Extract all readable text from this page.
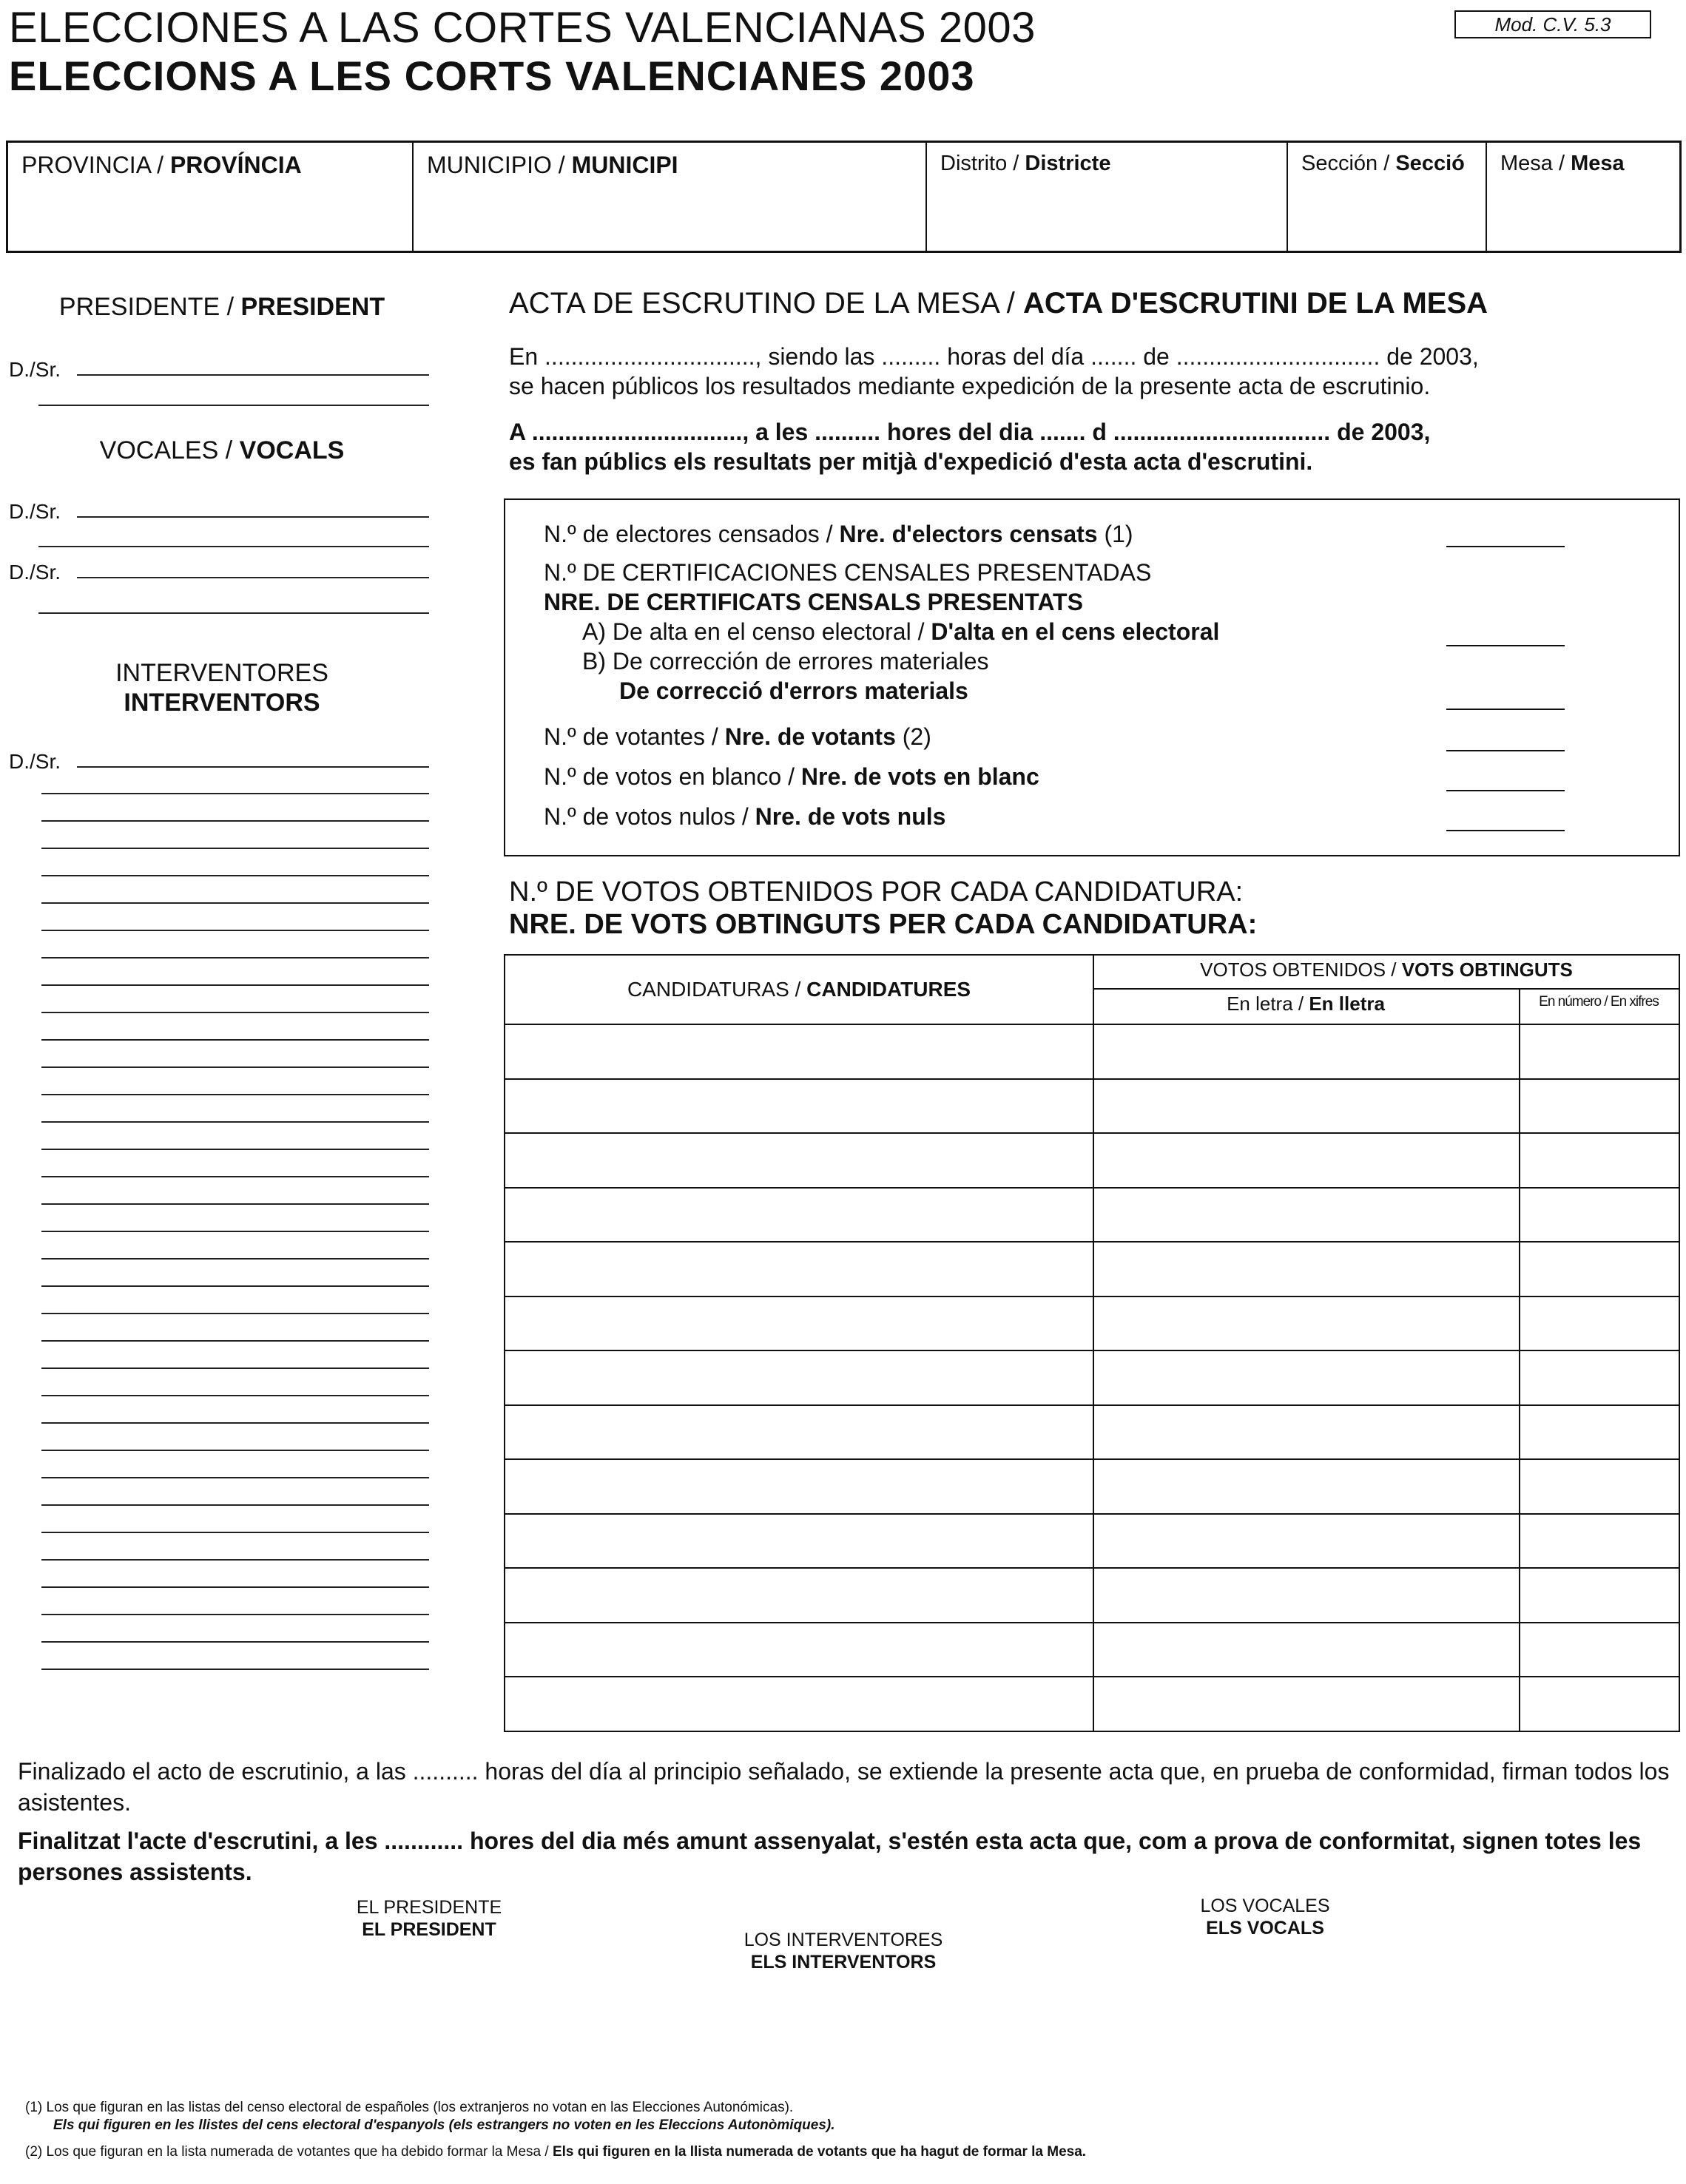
ELECCIONES A LAS CORTES VALENCIANAS 2003
ELECCIONS A LES CORTS VALENCIANES 2003
Mod. C.V. 5.3
PROVINCIA / PROVÍNCIA	MUNICIPIO / MUNICIPI	Distrito / Districte	Sección / Secció	Mesa / Mesa
PRESIDENTE / PRESIDENT
D./Sr.
VOCALES / VOCALS
D./Sr.
D./Sr.
INTERVENTORES
INTERVENTORS
D./Sr.
ACTA DE ESCRUTINO DE LA MESA / ACTA D'ESCRUTINI DE LA MESA
En ................................, siendo las ......... horas del día ....... de ............................... de 2003,
se hacen públicos los resultados mediante expedición de la presente acta de escrutinio.
A ................................, a les .......... hores del dia ....... d ................................. de 2003,
es fan públics els resultats per mitjà d'expedició d'esta acta d'escrutini.
N.º de electores censados / Nre. d'electors censats (1)
N.º DE CERTIFICACIONES CENSALES PRESENTADAS
NRE. DE CERTIFICATS CENSALS PRESENTATS
A) De alta en el censo electoral / D'alta en el cens electoral
B) De corrección de errores materiales
De correcció d'errors materials
N.º de votantes / Nre. de votants (2)
N.º de votos en blanco / Nre. de vots en blanc
N.º de votos nulos / Nre. de vots nuls
N.º DE VOTOS OBTENIDOS POR CADA CANDIDATURA:
NRE. DE VOTS OBTINGUTS PER CADA CANDIDATURA:
CANDIDATURAS / CANDIDATURES
VOTOS OBTENIDOS / VOTS OBTINGUTS
En letra / En lletra	En número / En xifres
Finalizado el acto de escrutinio, a las .......... horas del día al principio señalado, se extiende la presente acta que, en prueba de conformidad, firman todos los asistentes.
Finalitzat l'acte d'escrutini, a les ............ hores del dia més amunt assenyalat, s'estén esta acta que, com a prova de conformitat, signen totes les persones assistents.
EL PRESIDENTE
EL PRESIDENT	LOS INTERVENTORES
ELS INTERVENTORS
LOS VOCALES
ELS VOCALS
(1) Los que figuran en las listas del censo electoral de españoles (los extranjeros no votan en las Elecciones Autonómicas).
Els qui figuren en les llistes del cens electoral d'espanyols (els estrangers no voten en les Eleccions Autonòmiques).
(2) Los que figuran en la lista numerada de votantes que ha debido formar la Mesa / Els qui figuren en la llista numerada de votants que ha hagut de formar la Mesa.
